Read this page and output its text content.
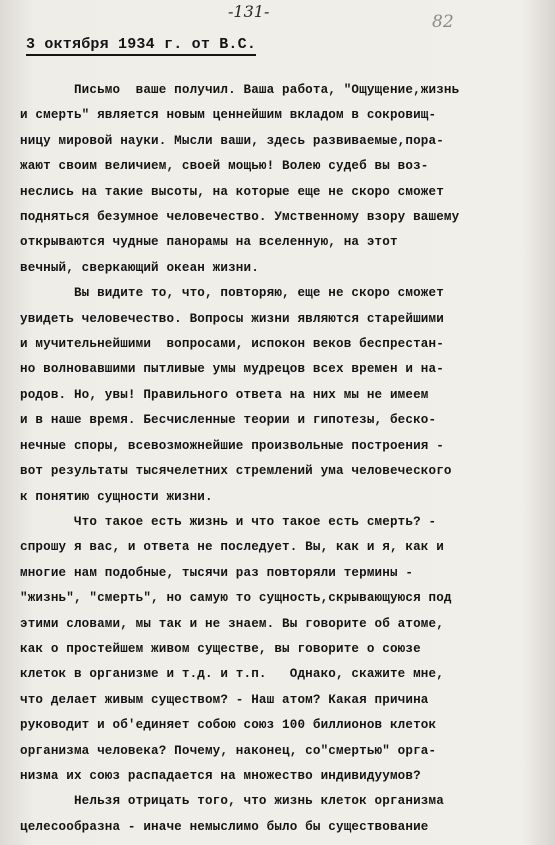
-131-
82
3 октября 1934 г. от В.С.
Письмо  ваше получил. Ваша работа, "Ощущение,жизнь
и смерть" является новым ценнейшим вкладом в сокровищ-
ницу мировой науки. Мысли ваши, здесь развиваемые,пора-
жают своим величием, своей мощью! Волею судеб вы воз-
неслись на такие высоты, на которые еще не скоро сможет
подняться безумное человечество. Умственному взору вашему
открываются чудные панорамы на вселенную, на этот
вечный, сверкающий океан жизни.
Вы видите то, что, повторяю, еще не скоро сможет
увидеть человечество. Вопросы жизни являются старейшими
и мучительнейшими  вопросами, испокон веков беспрестан-
но волновавшими пытливые умы мудрецов всех времен и на-
родов. Но, увы! Правильного ответа на них мы не имеем
и в наше время. Бесчисленные теории и гипотезы, беско-
нечные споры, всевозможнейшие произвольные построения -
вот результаты тысячелетних стремлений ума человеческого
к понятию сущности жизни.
Что такое есть жизнь и что такое есть смерть? -
спрошу я вас, и ответа не последует. Вы, как и я, как и
многие нам подобные, тысячи раз повторяли термины -
"жизнь", "смерть", но самую то сущность,скрывающуюся под
этими словами, мы так и не знаем. Вы говорите об атоме,
как о простейшем живом существе, вы говорите о союзе
клеток в организме и т.д. и т.п.   Однако, скажите мне,
что делает живым существом? - Наш атом? Какая причина
руководит и об'единяет собою союз 100 биллионов клеток
организма человека? Почему, наконец, со"смертью" орга-
низма их союз распадается на множество индивидуумов?
Нельзя отрицать того, что жизнь клеток организма
целесообразна - иначе немыслимо было бы существование
